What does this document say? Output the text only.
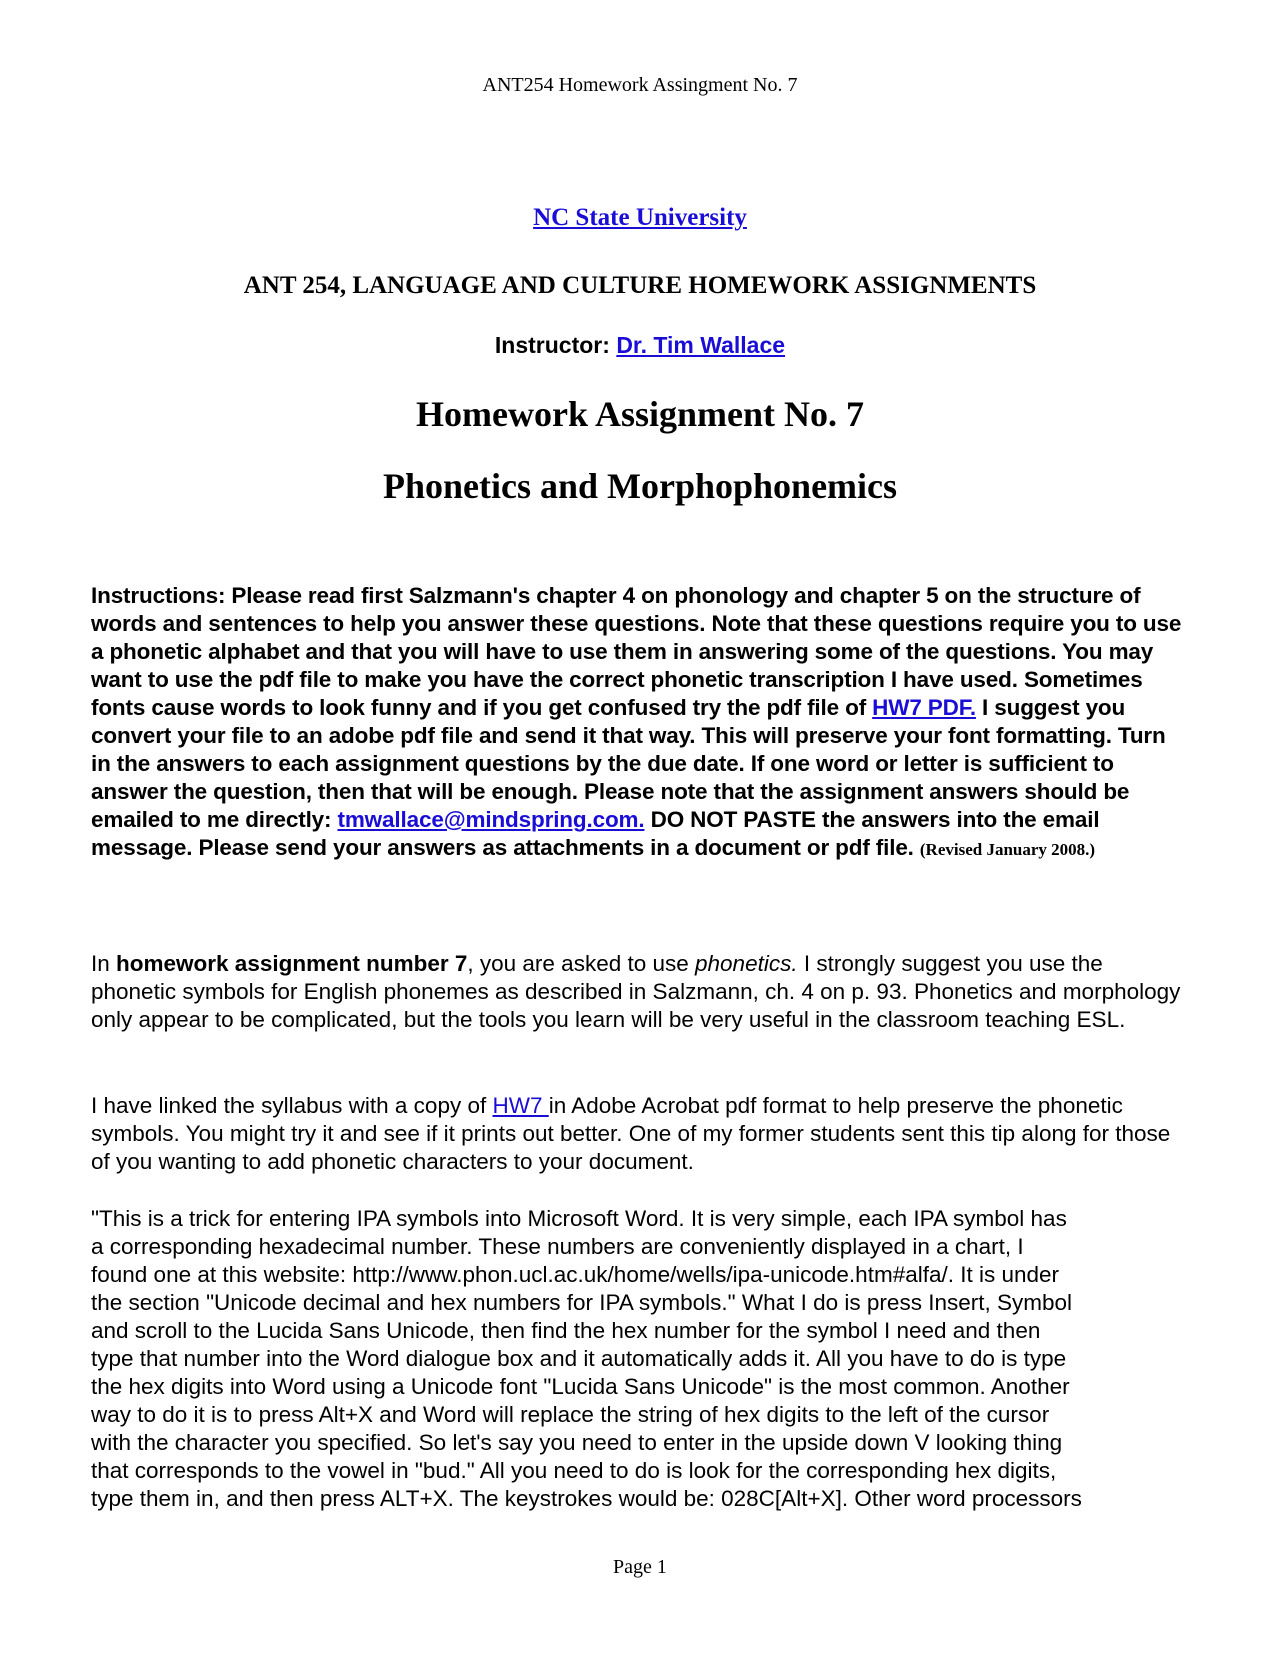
ANT254 Homework Assingment No. 7
NC State University
ANT 254, LANGUAGE AND CULTURE HOMEWORK ASSIGNMENTS
Instructor: Dr. Tim Wallace
Homework Assignment No. 7
Phonetics and Morphophonemics
Instructions: Please read first Salzmann's chapter 4 on phonology and chapter 5 on the structure of words and sentences to help you answer these questions. Note that these questions require you to use a phonetic alphabet and that you will have to use them in answering some of the questions. You may want to use the pdf file to make you have the correct phonetic transcription I have used. Sometimes fonts cause words to look funny and if you get confused try the pdf file of HW7 PDF. I suggest you convert your file to an adobe pdf file and send it that way. This will preserve your font formatting. Turn in the answers to each assignment questions by the due date. If one word or letter is sufficient to answer the question, then that will be enough. Please note that the assignment answers should be emailed to me directly: tmwallace@mindspring.com. DO NOT PASTE the answers into the email message. Please send your answers as attachments in a document or pdf file. (Revised January 2008.)
In homework assignment number 7, you are asked to use phonetics. I strongly suggest you use the phonetic symbols for English phonemes as described in Salzmann, ch. 4 on p. 93. Phonetics and morphology only appear to be complicated, but the tools you learn will be very useful in the classroom teaching ESL.
I have linked the syllabus with a copy of HW7 in Adobe Acrobat pdf format to help preserve the phonetic symbols. You might try it and see if it prints out better. One of my former students sent this tip along for those of you wanting to add phonetic characters to your document.
"This is a trick for entering IPA symbols into Microsoft Word. It is very simple, each IPA symbol has
a corresponding hexadecimal number. These numbers are conveniently displayed in a chart, I
found one at this website: http://www.phon.ucl.ac.uk/home/wells/ipa-unicode.htm#alfa/. It is under
the section "Unicode decimal and hex numbers for IPA symbols." What I do is press Insert, Symbol
and scroll to the Lucida Sans Unicode, then find the hex number for the symbol I need and then
type that number into the Word dialogue box and it automatically adds it. All you have to do is type
the hex digits into Word using a Unicode font "Lucida Sans Unicode" is the most common. Another
way to do it is to press Alt+X and Word will replace the string of hex digits to the left of the cursor
with the character you specified. So let's say you need to enter in the upside down V looking thing
that corresponds to the vowel in "bud." All you need to do is look for the corresponding hex digits,
type them in, and then press ALT+X. The keystrokes would be: 028C[Alt+X]. Other word processors
Page 1
